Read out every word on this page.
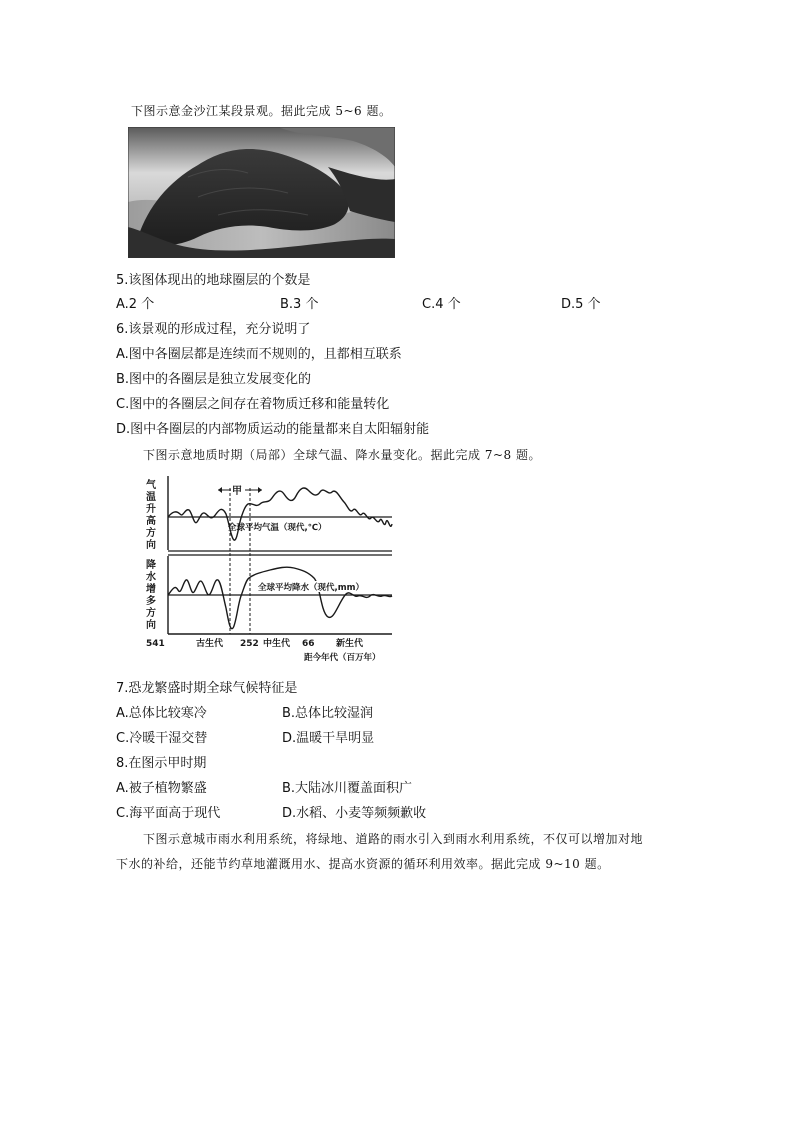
下图示意金沙江某段景观。据此完成 5~6 题。
5.该图体现出的地球圈层的个数是
A.2 个	B.3 个	C.4 个	D.5 个
6.该景观的形成过程，充分说明了
A.图中各圈层都是连续而不规则的，且都相互联系
B.图中的各圈层是独立发展变化的
C.图中的各圈层之间存在着物质迁移和能量转化
D.图中各圈层的内部物质运动的能量都来自太阳辐射能
下图示意地质时期（局部）全球气温、降水量变化。据此完成 7~8 题。
气
温
升
高
方
向
降
水
增
多
方
向
甲
全球平均气温（现代,℃）
全球平均降水（现代,mm）
541	古生代 252 中生代 66 新生代
距今年代（百万年）
7.恐龙繁盛时期全球气候特征是
A.总体比较寒冷	B.总体比较湿润
C.冷暖干湿交替	D.温暖干旱明显
8.在图示甲时期
A.被子植物繁盛	B.大陆冰川覆盖面积广
C.海平面高于现代	D.水稻、小麦等频频歉收
下图示意城市雨水利用系统，将绿地、道路的雨水引入到雨水利用系统，不仅可以增加对地
下水的补给，还能节约草地灌溉用水、提高水资源的循环利用效率。据此完成 9~10 题。
